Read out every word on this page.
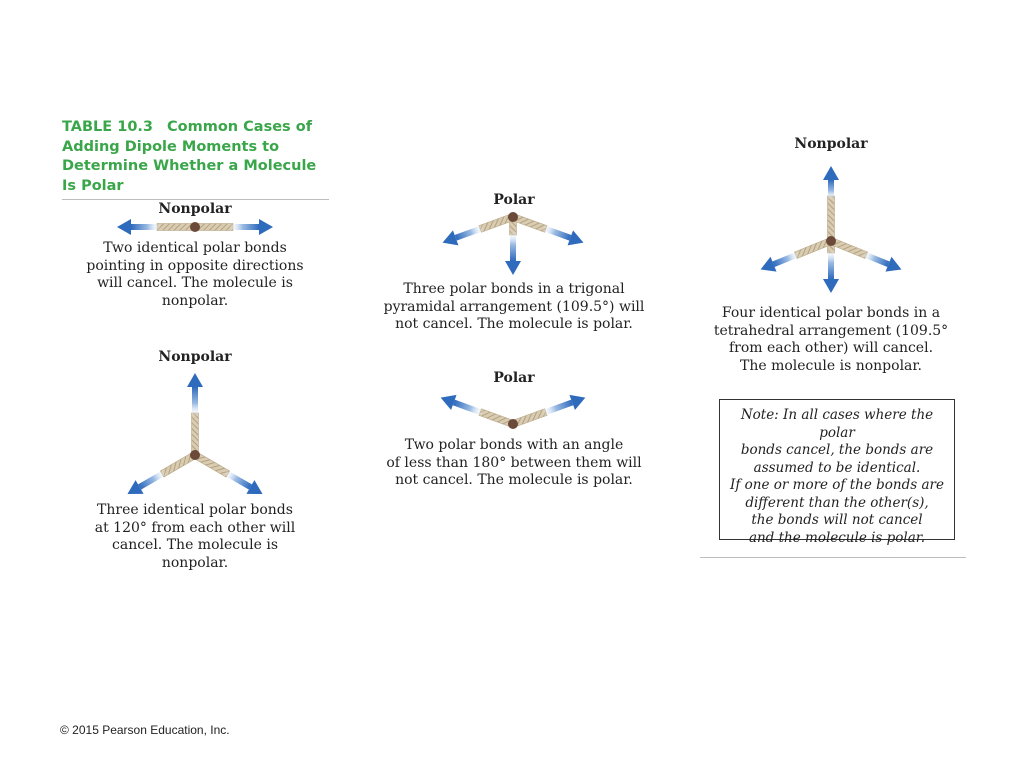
TABLE 10.3 Common Cases of Adding Dipole Moments to Determine Whether a Molecule Is Polar
Nonpolar
Two identical polar bonds
pointing in opposite directions
will cancel. The molecule is
nonpolar.
Nonpolar
Three identical polar bonds
at 120° from each other will
cancel. The molecule is
nonpolar.
Polar
Three polar bonds in a trigonal
pyramidal arrangement (109.5°) will
not cancel. The molecule is polar.
Polar
Two polar bonds with an angle
of less than 180° between them will
not cancel. The molecule is polar.
Nonpolar
Four identical polar bonds in a
tetrahedral arrangement (109.5°
from each other) will cancel.
The molecule is nonpolar.
Note: In all cases where the polar
bonds cancel, the bonds are
assumed to be identical.
If one or more of the bonds are
different than the other(s),
the bonds will not cancel
and the molecule is polar.
© 2015 Pearson Education, Inc.
